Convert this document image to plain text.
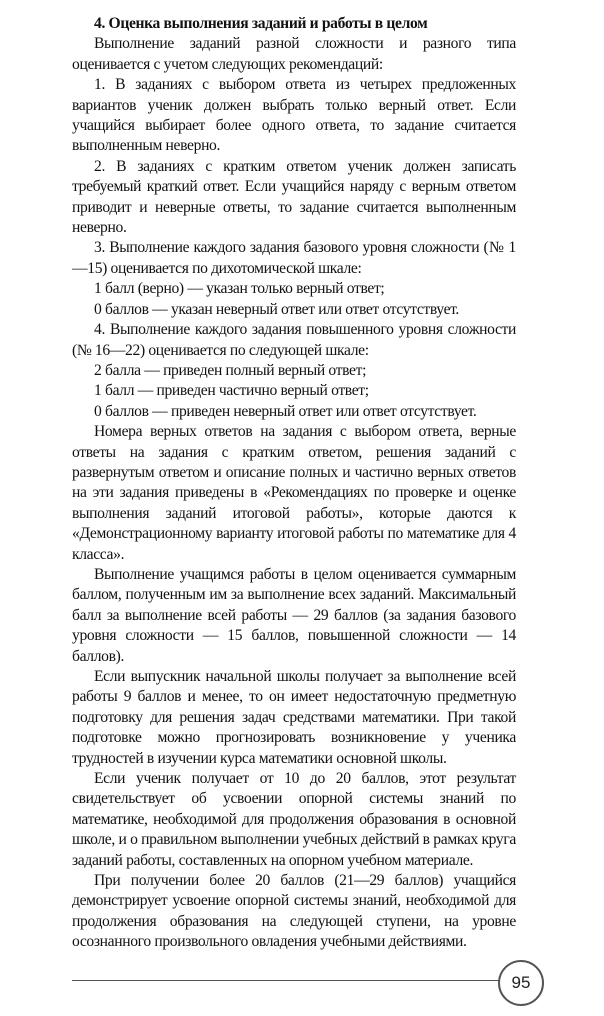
4. Оценка выполнения заданий и работы в целом

Выполнение заданий разной сложности и разного типа оценивается с учетом следующих рекомендаций:

1. В заданиях с выбором ответа из четырех предложенных вариантов ученик должен выбрать только верный ответ. Если учащийся выбирает более одного ответа, то задание считается выполненным неверно.

2. В заданиях с кратким ответом ученик должен записать требуемый краткий ответ. Если учащийся наряду с верным ответом приводит и неверные ответы, то задание считается выполненным неверно.

3. Выполнение каждого задания базового уровня сложности (№ 1—15) оценивается по дихотомической шкале:

1 балл (верно) — указан только верный ответ;

0 баллов — указан неверный ответ или ответ отсутствует.

4. Выполнение каждого задания повышенного уровня сложности (№ 16—22) оценивается по следующей шкале:

2 балла — приведен полный верный ответ;

1 балл — приведен частично верный ответ;

0 баллов — приведен неверный ответ или ответ отсутствует.

Номера верных ответов на задания с выбором ответа, верные ответы на задания с кратким ответом, решения заданий с развернутым ответом и описание полных и частично верных ответов на эти задания приведены в «Рекомендациях по проверке и оценке выполнения заданий итоговой работы», которые даются к «Демонстрационному варианту итоговой работы по математике для 4 класса».

Выполнение учащимся работы в целом оценивается суммарным баллом, полученным им за выполнение всех заданий. Максимальный балл за выполнение всей работы — 29 баллов (за задания базового уровня сложности — 15 баллов, повышенной сложности — 14 баллов).

Если выпускник начальной школы получает за выполнение всей работы 9 баллов и менее, то он имеет недостаточную предметную подготовку для решения задач средствами математики. При такой подготовке можно прогнозировать возникновение у ученика трудностей в изучении курса математики основной школы.

Если ученик получает от 10 до 20 баллов, этот результат свидетельствует об усвоении опорной системы знаний по математике, необходимой для продолжения образования в основной школе, и о правильном выполнении учебных действий в рамках круга заданий работы, составленных на опорном учебном материале.

При получении более 20 баллов (21—29 баллов) учащийся демонстрирует усвоение опорной системы знаний, необходимой для продолжения образования на следующей ступени, на уровне осознанного произвольного овладения учебными действиями.

95
